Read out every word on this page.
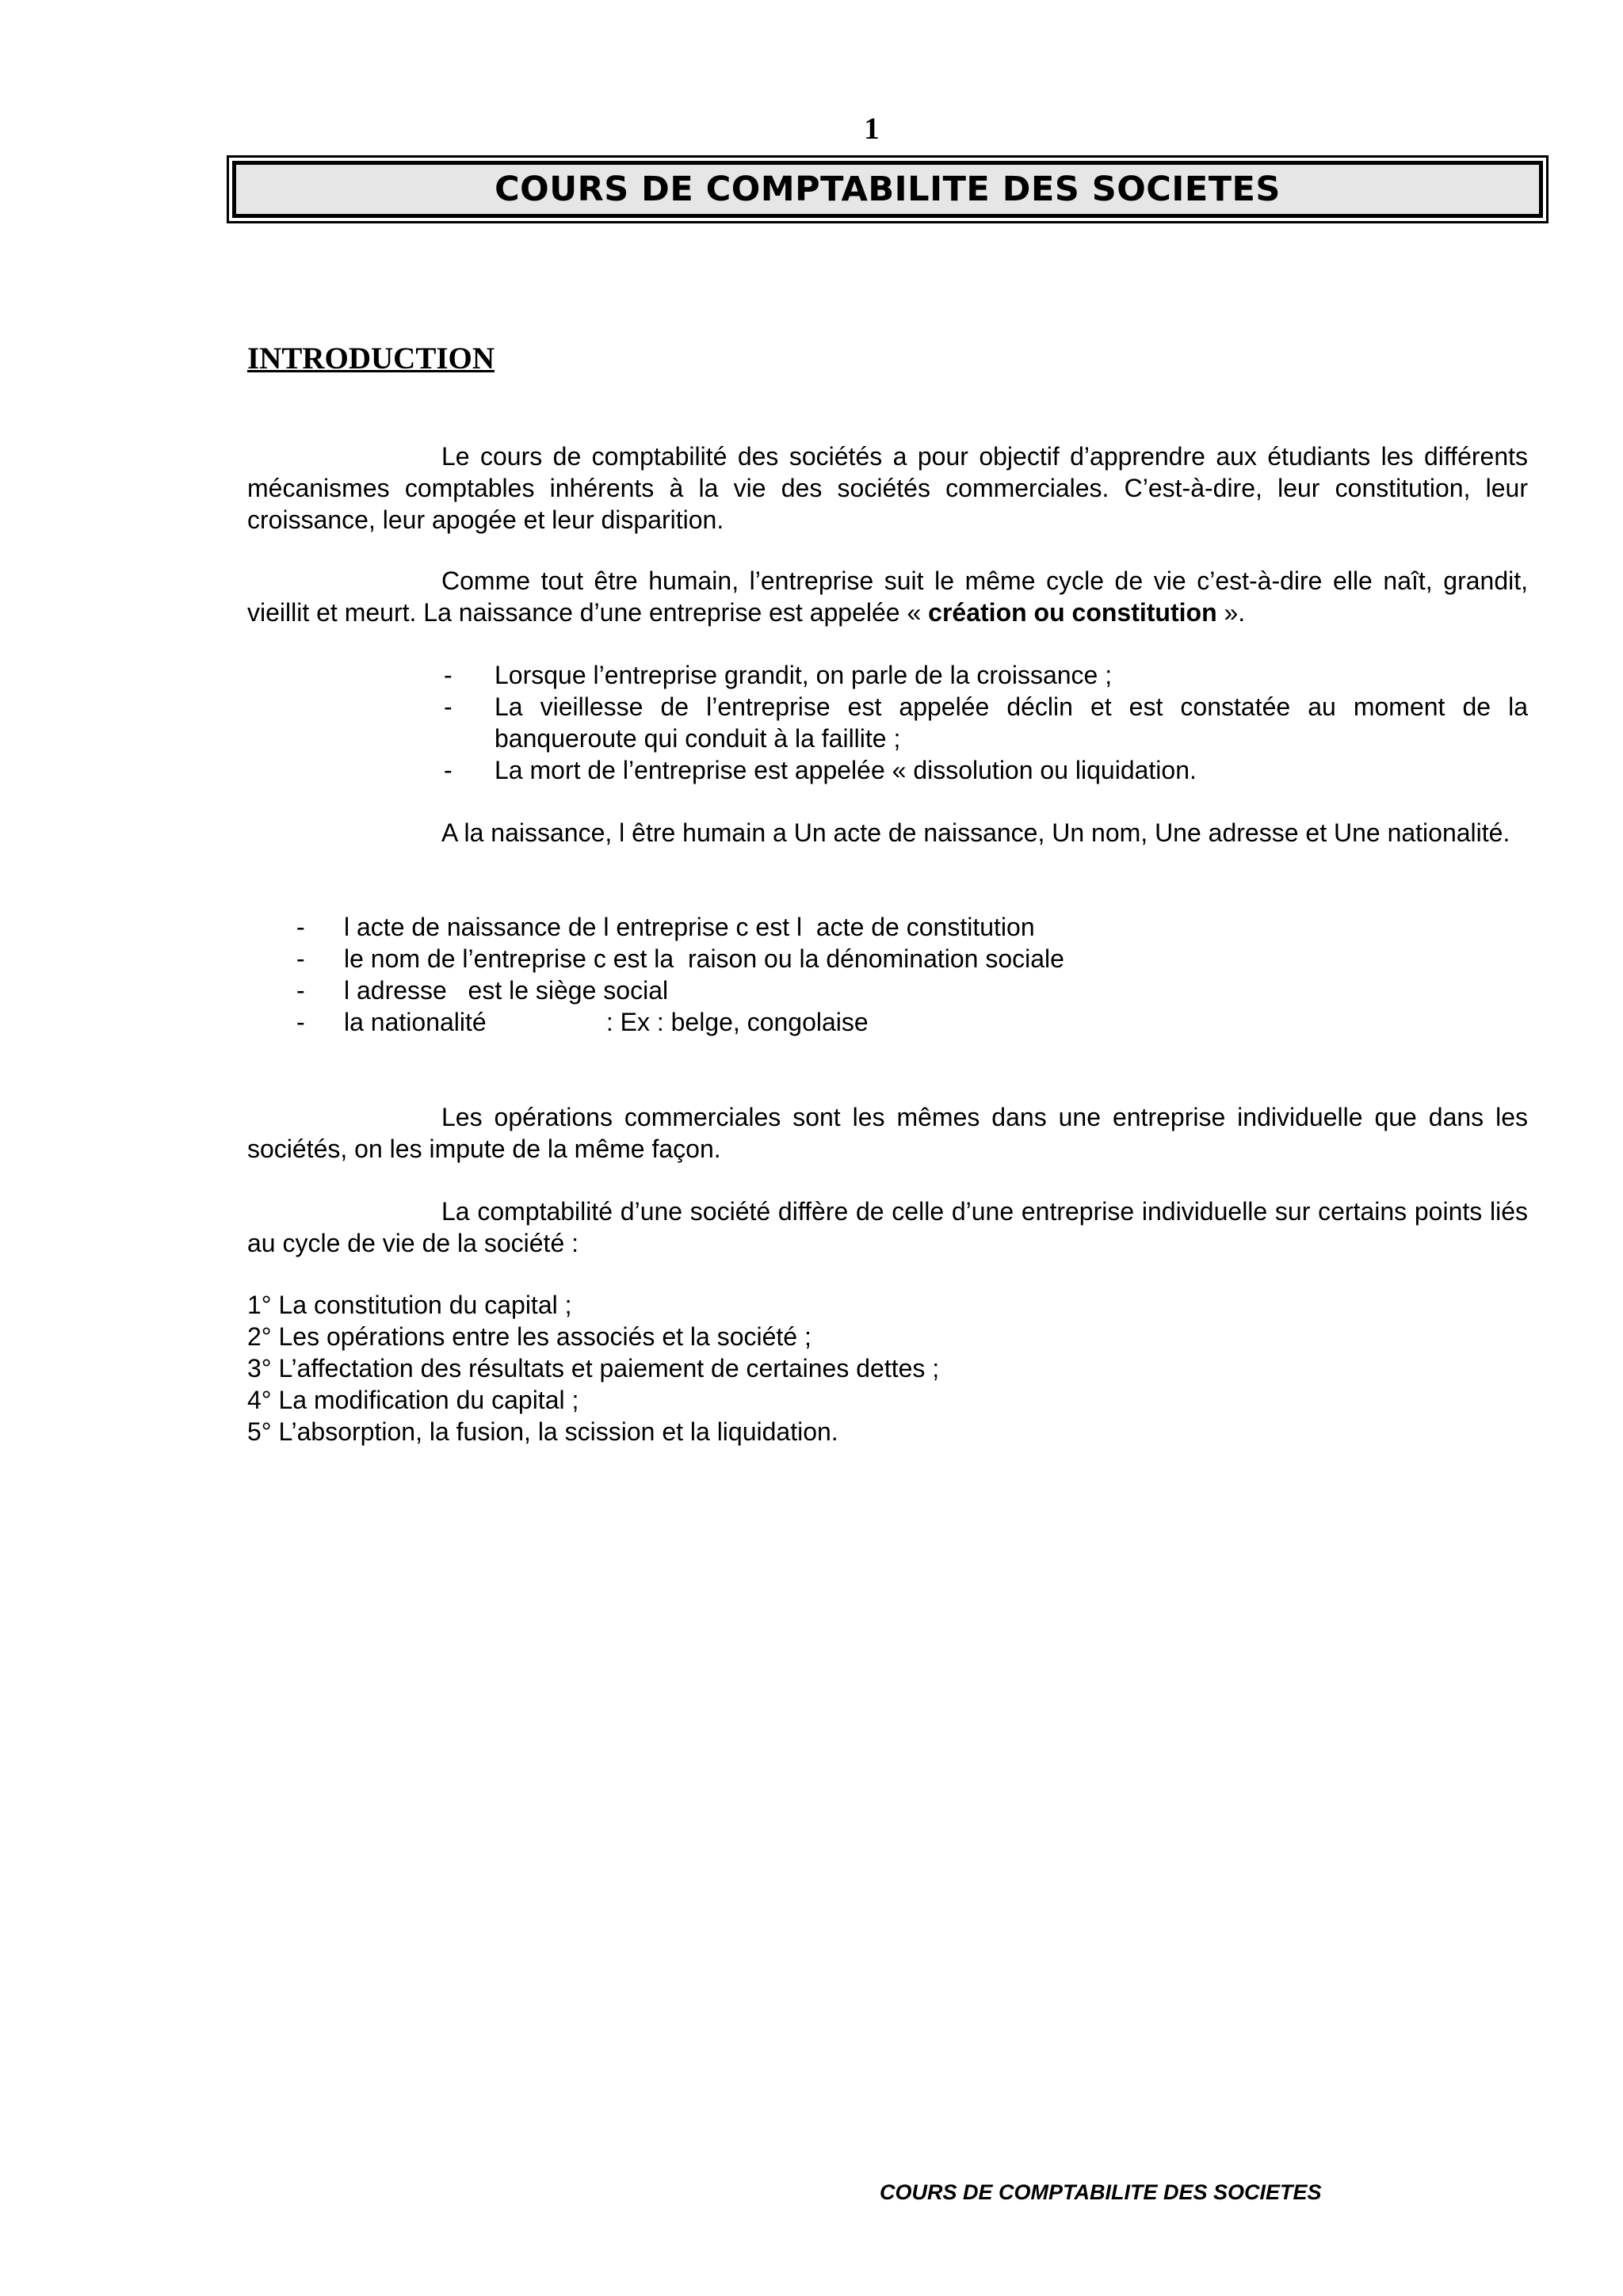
1
COURS DE COMPTABILITE DES SOCIETES
INTRODUCTION

Le cours de comptabilité des sociétés a pour objectif d’apprendre aux étudiants les différents mécanismes comptables inhérents à la vie des sociétés commerciales. C’est-à-dire, leur constitution, leur croissance, leur apogée et leur disparition.

Comme tout être humain, l’entreprise suit le même cycle de vie c’est-à-dire elle naît, grandit, vieillit et meurt. La naissance d’une entreprise est appelée « création ou constitution ».

- Lorsque l’entreprise grandit, on parle de la croissance ;
- La vieillesse de l’entreprise est appelée déclin et est constatée au moment de la banqueroute qui conduit à la faillite ;
- La mort de l’entreprise est appelée « dissolution ou liquidation.

A la naissance, l être humain a Un acte de naissance, Un nom, Une adresse et Une nationalité.

- l acte de naissance de l entreprise c est l  acte de constitution
- le nom de l’entreprise c est la  raison ou la dénomination sociale
- l adresse   est le siège social
- la nationalité                 : Ex : belge, congolaise

Les opérations commerciales sont les mêmes dans une entreprise individuelle que dans les sociétés, on les impute de la même façon.

La comptabilité d’une société diffère de celle d’une entreprise individuelle sur certains points liés au cycle de vie de la société :

1° La constitution du capital ;
2° Les opérations entre les associés et la société ;
3° L’affectation des résultats et paiement de certaines dettes ;
4° La modification du capital ;
5° L’absorption, la fusion, la scission et la liquidation.
COURS DE COMPTABILITE DES SOCIETES
